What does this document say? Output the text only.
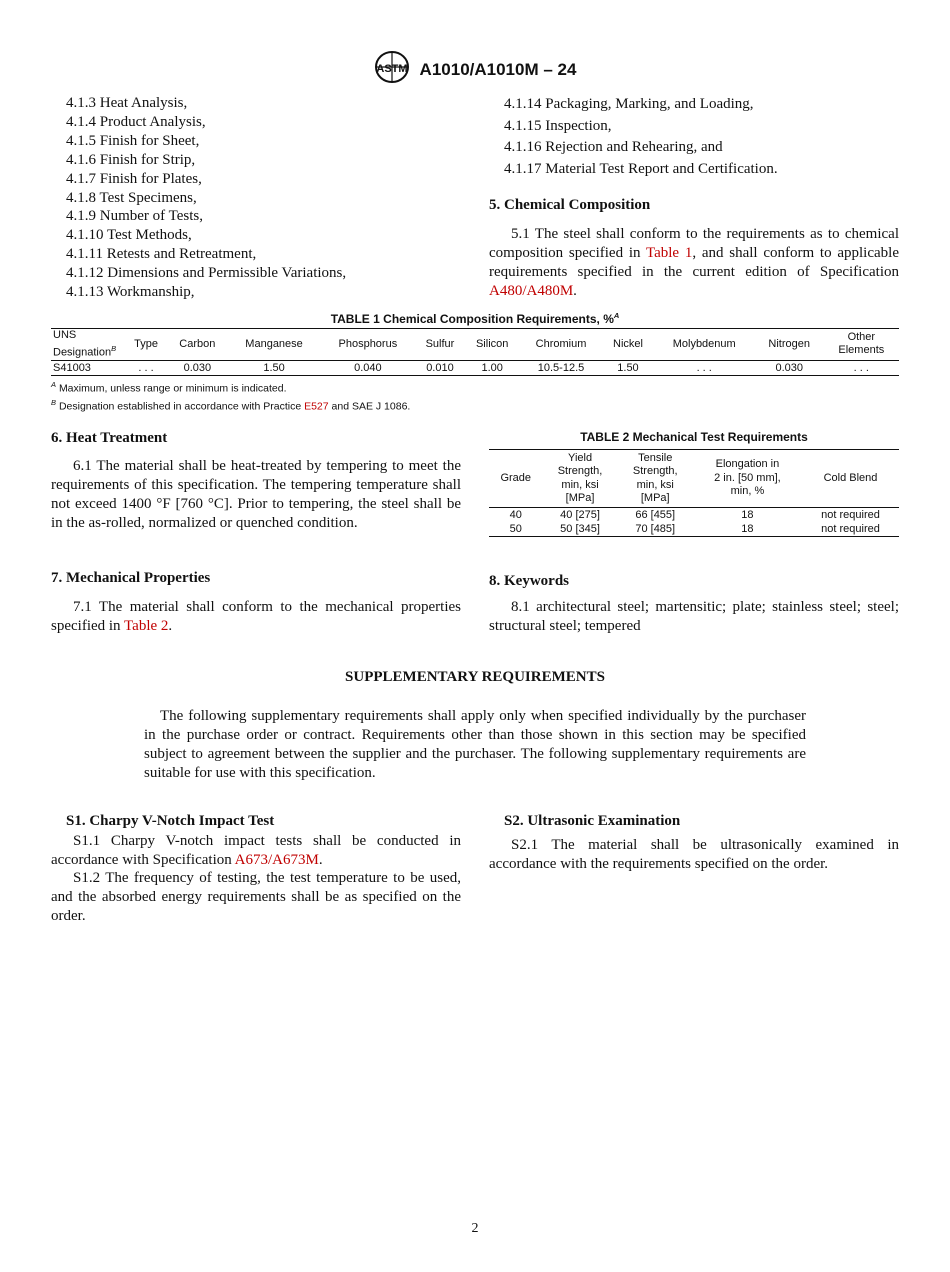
ASTM A1010/A1010M – 24
4.1.3 Heat Analysis,
4.1.4 Product Analysis,
4.1.5 Finish for Sheet,
4.1.6 Finish for Strip,
4.1.7 Finish for Plates,
4.1.8 Test Specimens,
4.1.9 Number of Tests,
4.1.10 Test Methods,
4.1.11 Retests and Retreatment,
4.1.12 Dimensions and Permissible Variations,
4.1.13 Workmanship,
4.1.14 Packaging, Marking, and Loading,
4.1.15 Inspection,
4.1.16 Rejection and Rehearing, and
4.1.17 Material Test Report and Certification.
5. Chemical Composition
5.1 The steel shall conform to the requirements as to chemical composition specified in Table 1, and shall conform to applicable requirements specified in the current edition of Specification A480/A480M.
TABLE 1 Chemical Composition Requirements, %$^A$
UNS
Designation$^B$	Type	Carbon	Manganese	Phosphorus	Sulfur	Silicon	Chromium	Nickel	Molybdenum	Nitrogen	Other
Elements
S41003	. . .	0.030	1.50	0.040	0.010	1.00	10.5-12.5	1.50	. . .	0.030	. . .
$^A$ Maximum, unless range or minimum is indicated.
$^B$ Designation established in accordance with Practice E527 and SAE J 1086.
6. Heat Treatment
6.1 The material shall be heat-treated by tempering to meet the requirements of this specification. The tempering temperature shall not exceed 1400 °F [760 °C]. Prior to tempering, the steel shall be in the as-rolled, normalized or quenched condition.
TABLE 2 Mechanical Test Requirements
Grade	Yield
Strength,
min, ksi
[MPa]	Tensile
Strength,
min, ksi
[MPa]	Elongation in
2 in. [50 mm],
min, %	Cold Blend
40	40 [275]	66 [455]	18	not required
50	50 [345]	70 [485]	18	not required
7. Mechanical Properties
7.1 The material shall conform to the mechanical properties specified in Table 2.
8. Keywords
8.1 architectural steel; martensitic; plate; stainless steel; steel; structural steel; tempered
SUPPLEMENTARY REQUIREMENTS
The following supplementary requirements shall apply only when specified individually by the purchaser in the purchase order or contract. Requirements other than those shown in this section may be specified subject to agreement between the supplier and the purchaser. The following supplementary requirements are suitable for use with this specification.
S1. Charpy V-Notch Impact Test
S1.1 Charpy V-notch impact tests shall be conducted in accordance with Specification A673/A673M.
S1.2 The frequency of testing, the test temperature to be used, and the absorbed energy requirements shall be as specified on the order.
S2. Ultrasonic Examination
S2.1 The material shall be ultrasonically examined in accordance with the requirements specified on the order.
2
